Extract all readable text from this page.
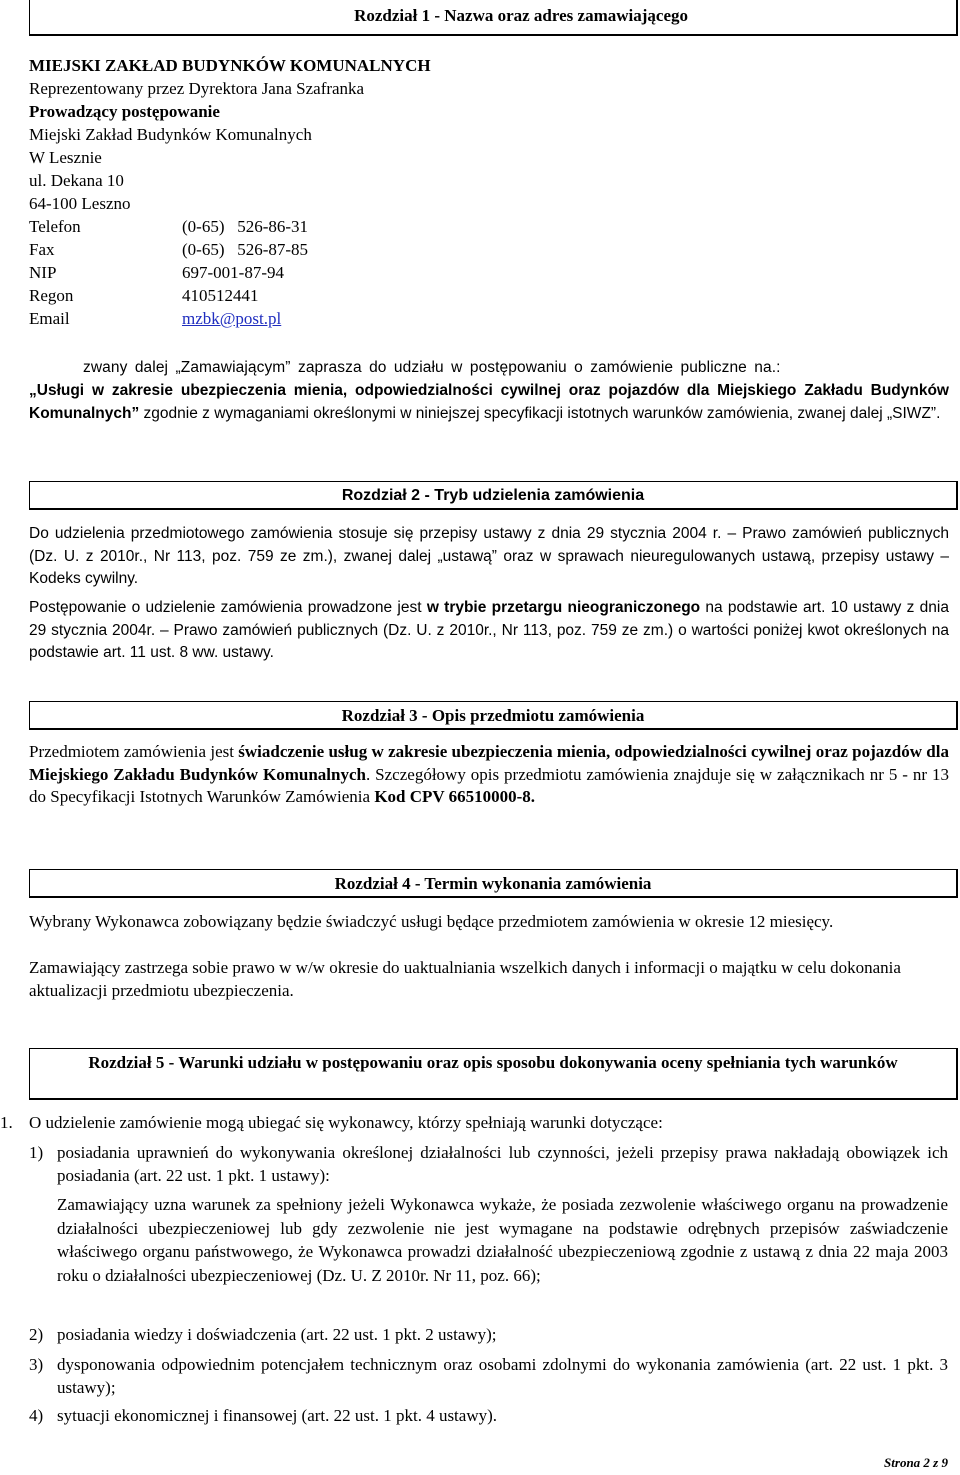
Rozdział 1 - Nazwa oraz adres zamawiającego
MIEJSKI ZAKŁAD BUDYNKÓW KOMUNALNYCH
Reprezentowany przez Dyrektora Jana Szafranka
Prowadzący postępowanie
Miejski Zakład Budynków Komunalnych
W Lesznie
ul. Dekana 10
64-100 Leszno
Telefon	(0-65)   526-86-31
Fax	(0-65)   526-87-85
NIP	697-001-87-94
Regon	410512441
Email	mzbk@post.pl
zwany dalej „Zamawiającym” zaprasza do udziału w postępowaniu o zamówienie publiczne na.:
„Usługi w zakresie ubezpieczenia mienia, odpowiedzialności cywilnej oraz pojazdów dla Miejskiego Zakładu Budynków Komunalnych” zgodnie z wymaganiami określonymi w niniejszej specyfikacji istotnych warunków zamówienia, zwanej dalej „SIWZ”.
Rozdział 2 - Tryb udzielenia zamówienia
Do udzielenia przedmiotowego zamówienia stosuje się przepisy ustawy z dnia 29 stycznia 2004 r. – Prawo zamówień publicznych (Dz. U. z 2010r., Nr 113, poz. 759 ze zm.), zwanej dalej „ustawą” oraz w sprawach nieuregulowanych ustawą, przepisy ustawy – Kodeks cywilny.
Postępowanie o udzielenie zamówienia prowadzone jest w trybie przetargu nieograniczonego na podstawie art. 10 ustawy z dnia 29 stycznia 2004r. – Prawo zamówień publicznych (Dz. U. z 2010r., Nr 113, poz. 759 ze zm.) o wartości poniżej kwot określonych na podstawie art. 11 ust. 8 ww. ustawy.
Rozdział 3 - Opis przedmiotu zamówienia
Przedmiotem zamówienia jest świadczenie usług w zakresie ubezpieczenia mienia, odpowiedzialności cywilnej oraz pojazdów dla Miejskiego Zakładu Budynków Komunalnych. Szczegółowy opis przedmiotu zamówienia znajduje się w załącznikach nr 5 - nr 13 do Specyfikacji Istotnych Warunków Zamówienia Kod CPV 66510000-8.
Rozdział 4 - Termin wykonania zamówienia
Wybrany Wykonawca zobowiązany będzie świadczyć usługi będące przedmiotem zamówienia w okresie 12 miesięcy.
Zamawiający zastrzega sobie prawo w w/w okresie do uaktualniania wszelkich danych i informacji o majątku w celu dokonania aktualizacji przedmiotu ubezpieczenia.
Rozdział 5 - Warunki udziału w postępowaniu oraz opis sposobu dokonywania oceny spełniania tych warunków
1. O udzielenie zamówienie mogą ubiegać się wykonawcy, którzy spełniają warunki dotyczące:
1) posiadania uprawnień do wykonywania określonej działalności lub czynności, jeżeli przepisy prawa nakładają obowiązek ich posiadania (art. 22 ust. 1 pkt. 1 ustawy):
Zamawiający uzna warunek za spełniony jeżeli Wykonawca wykaże, że posiada zezwolenie właściwego organu na prowadzenie działalności ubezpieczeniowej lub gdy zezwolenie nie jest wymagane na podstawie odrębnych przepisów zaświadczenie właściwego organu państwowego, że Wykonawca prowadzi działalność ubezpieczeniową zgodnie z ustawą z dnia 22 maja 2003 roku o działalności ubezpieczeniowej (Dz. U. Z 2010r. Nr 11, poz. 66);
2) posiadania wiedzy i doświadczenia (art. 22 ust. 1 pkt. 2 ustawy);
3) dysponowania odpowiednim potencjałem technicznym oraz osobami zdolnymi do wykonania zamówienia (art. 22 ust. 1 pkt. 3 ustawy);
4) sytuacji ekonomicznej i finansowej (art. 22 ust. 1 pkt. 4 ustawy).
Strona 2 z 9
